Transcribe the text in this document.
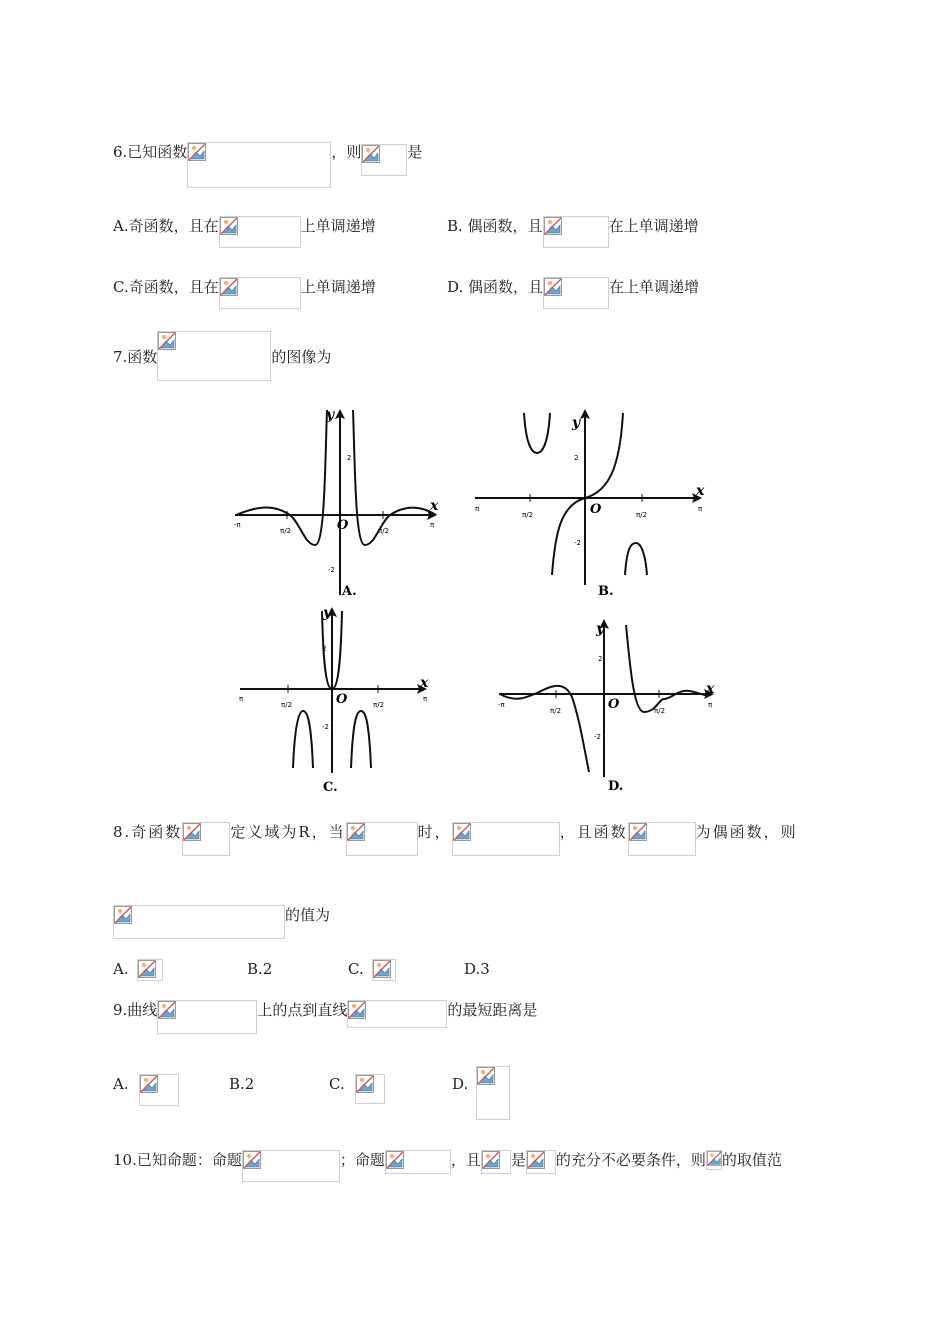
6.已知函数	，则	是
A.奇函数，且在	上单调递增	B. 偶函数，且	在上单调递增
C.奇函数，且在	上单调递增	D. 偶函数，且	在上单调递增
7.函数	的图像为
x
y
2
-2
-π	π
π/2	π/2
O
A.
x
y
2
-2
π	π
π/2	π/2
O
B.
x
y
2
-2
π	π
π/2	π/2
O
C.
x
y
2
-2
-π	π
π/2	π/2
O
D.
8.奇函数	定义域为R，当	时，	，且函数	为偶函数，则
的值为
A.	B.2	C.	D.3
9.曲线	上的点到直线	的最短距离是
A.	B.2	C.	D.
10.已知命题：命题	；命题	，且 是 的充分不必要条件，则 的取值范
